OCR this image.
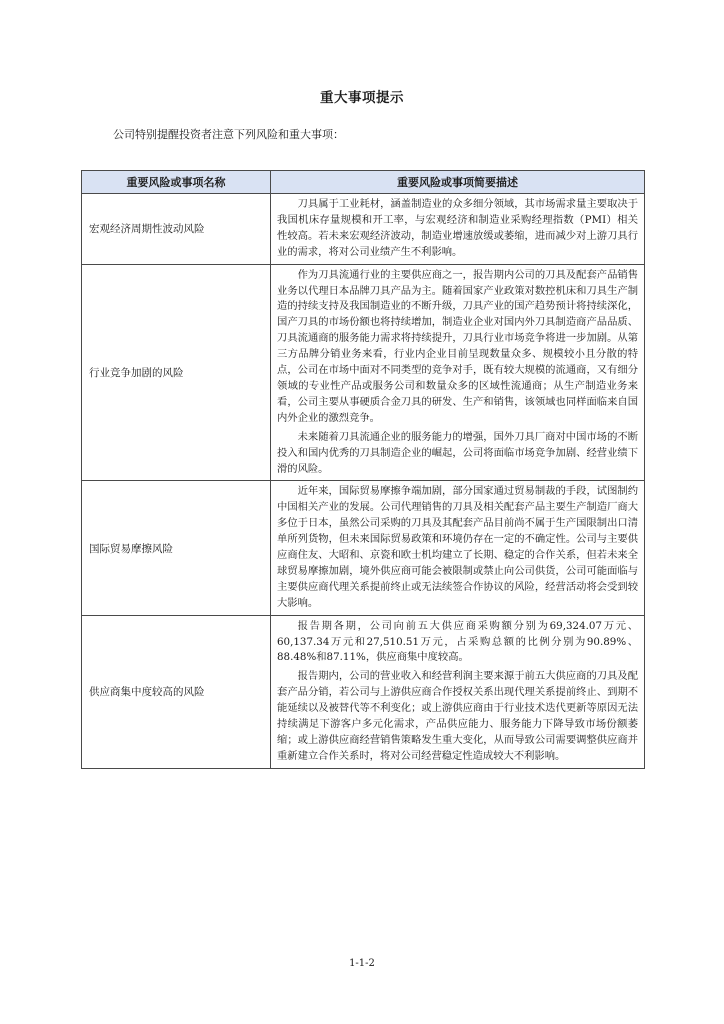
重大事项提示
公司特别提醒投资者注意下列风险和重大事项：
重要风险或事项名称	重要风险或事项简要描述
宏观经济周期性波动风险	刀具属于工业耗材，涵盖制造业的众多细分领域，其市场需求量主要取决于我国机床存量规模和开工率，与宏观经济和制造业采购经理指数（PMI）相关性较高。若未来宏观经济波动，制造业增速放缓或萎缩，进而减少对上游刀具行业的需求，将对公司业绩产生不利影响。

行业竞争加剧的风险	作为刀具流通行业的主要供应商之一，报告期内公司的刀具及配套产品销售业务以代理日本品牌刀具产品为主。随着国家产业政策对数控机床和刀具生产制造的持续支持及我国制造业的不断升级，刀具产业的国产趋势预计将持续深化，国产刀具的市场份额也将持续增加，制造业企业对国内外刀具制造商产品品质、刀具流通商的服务能力需求将持续提升，刀具行业市场竞争将进一步加剧。从第三方品牌分销业务来看，行业内企业目前呈现数量众多、规模较小且分散的特点，公司在市场中面对不同类型的竞争对手，既有较大规模的流通商，又有细分领域的专业性产品或服务公司和数量众多的区域性流通商；从生产制造业务来看，公司主要从事硬质合金刀具的研发、生产和销售，该领域也同样面临来自国内外企业的激烈竞争。

未来随着刀具流通企业的服务能力的增强，国外刀具厂商对中国市场的不断投入和国内优秀的刀具制造企业的崛起，公司将面临市场竞争加剧、经营业绩下滑的风险。

国际贸易摩擦风险	近年来，国际贸易摩擦争端加剧，部分国家通过贸易制裁的手段，试图制约中国相关产业的发展。公司代理销售的刀具及相关配套产品主要生产制造厂商大多位于日本，虽然公司采购的刀具及其配套产品目前尚不属于生产国限制出口清单所列货物，但未来国际贸易政策和环境仍存在一定的不确定性。公司与主要供应商住友、大昭和、京瓷和欧士机均建立了长期、稳定的合作关系，但若未来全球贸易摩擦加剧，境外供应商可能会被限制或禁止向公司供货，公司可能面临与主要供应商代理关系提前终止或无法续签合作协议的风险，经营活动将会受到较大影响。

供应商集中度较高的风险	报告期各期，公司向前五大供应商采购额分别为69,324.07万元、60,137.34万元和27,510.51万元，占采购总额的比例分别为90.89%、88.48%和87.11%，供应商集中度较高。

报告期内，公司的营业收入和经营利润主要来源于前五大供应商的刀具及配套产品分销，若公司与上游供应商合作授权关系出现代理关系提前终止、到期不能延续以及被替代等不利变化；或上游供应商由于行业技术迭代更新等原因无法持续满足下游客户多元化需求，产品供应能力、服务能力下降导致市场份额萎缩；或上游供应商经营销售策略发生重大变化，从而导致公司需要调整供应商并重新建立合作关系时，将对公司经营稳定性造成较大不利影响。

1-1-2
